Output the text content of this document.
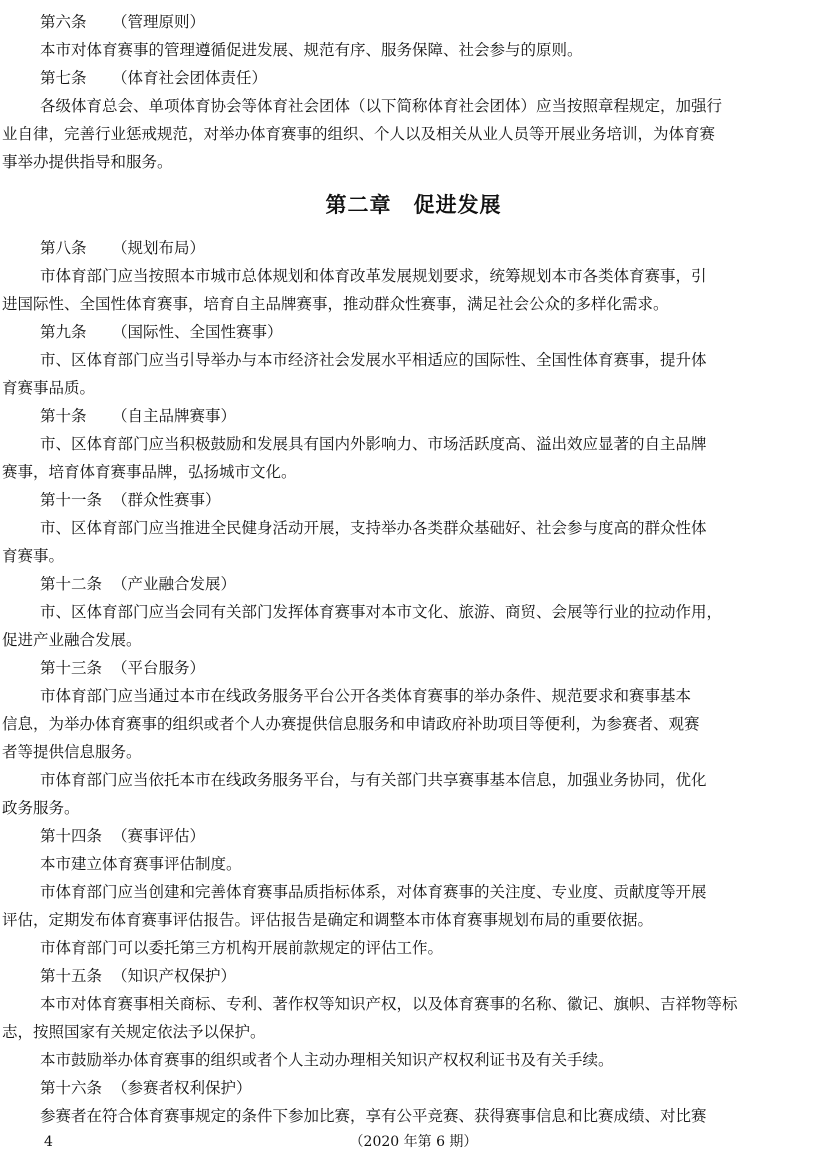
第六条 （管理原则）
本市对体育赛事的管理遵循促进发展、规范有序、服务保障、社会参与的原则。
第七条 （体育社会团体责任）
各级体育总会、单项体育协会等体育社会团体（以下简称体育社会团体）应当按照章程规定，加强行
业自律，完善行业惩戒规范，对举办体育赛事的组织、个人以及相关从业人员等开展业务培训，为体育赛
事举办提供指导和服务。
第二章　促进发展
第八条 （规划布局）
市体育部门应当按照本市城市总体规划和体育改革发展规划要求，统筹规划本市各类体育赛事，引
进国际性、全国性体育赛事，培育自主品牌赛事，推动群众性赛事，满足社会公众的多样化需求。
第九条 （国际性、全国性赛事）
市、区体育部门应当引导举办与本市经济社会发展水平相适应的国际性、全国性体育赛事，提升体
育赛事品质。
第十条 （自主品牌赛事）
市、区体育部门应当积极鼓励和发展具有国内外影响力、市场活跃度高、溢出效应显著的自主品牌
赛事，培育体育赛事品牌，弘扬城市文化。
第十一条 （群众性赛事）
市、区体育部门应当推进全民健身活动开展，支持举办各类群众基础好、社会参与度高的群众性体
育赛事。
第十二条 （产业融合发展）
市、区体育部门应当会同有关部门发挥体育赛事对本市文化、旅游、商贸、会展等行业的拉动作用，
促进产业融合发展。
第十三条 （平台服务）
市体育部门应当通过本市在线政务服务平台公开各类体育赛事的举办条件、规范要求和赛事基本
信息，为举办体育赛事的组织或者个人办赛提供信息服务和申请政府补助项目等便利，为参赛者、观赛
者等提供信息服务。
市体育部门应当依托本市在线政务服务平台，与有关部门共享赛事基本信息，加强业务协同，优化
政务服务。
第十四条 （赛事评估）
本市建立体育赛事评估制度。
市体育部门应当创建和完善体育赛事品质指标体系，对体育赛事的关注度、专业度、贡献度等开展
评估，定期发布体育赛事评估报告。评估报告是确定和调整本市体育赛事规划布局的重要依据。
市体育部门可以委托第三方机构开展前款规定的评估工作。
第十五条 （知识产权保护）
本市对体育赛事相关商标、专利、著作权等知识产权，以及体育赛事的名称、徽记、旗帜、吉祥物等标
志，按照国家有关规定依法予以保护。
本市鼓励举办体育赛事的组织或者个人主动办理相关知识产权权利证书及有关手续。
第十六条 （参赛者权利保护）
参赛者在符合体育赛事规定的条件下参加比赛，享有公平竞赛、获得赛事信息和比赛成绩、对比赛
4	（2020 年第 6 期）
